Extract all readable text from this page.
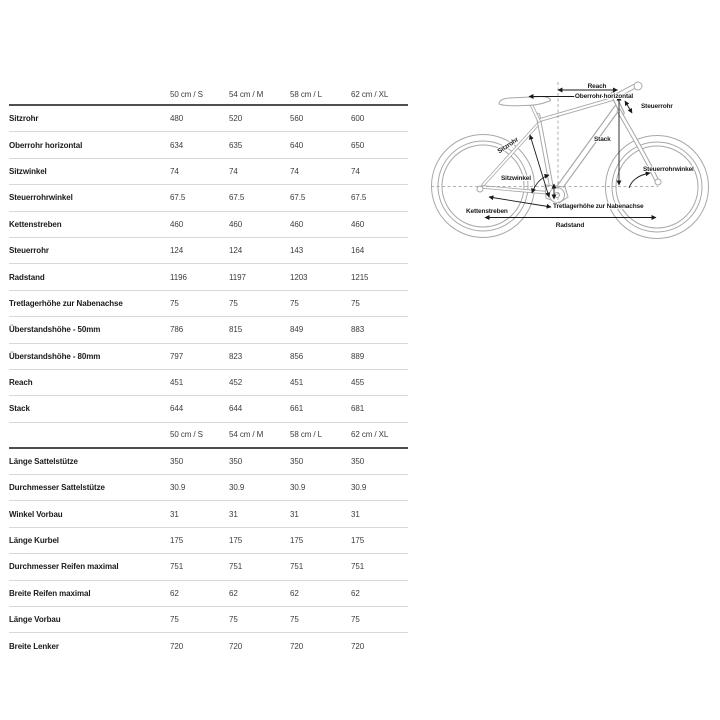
50 cm / S	54 cm / M	58 cm / L	62 cm / XL
Sitzrohr	480	520	560	600
Oberrohr horizontal	634	635	640	650
Sitzwinkel	74	74	74	74
Steuerrohrwinkel	67.5	67.5	67.5	67.5
Kettenstreben	460	460	460	460
Steuerrohr	124	124	143	164
Radstand	1196	1197	1203	1215
Tretlagerhöhe zur Nabenachse	75	75	75	75
Überstandshöhe - 50mm	786	815	849	883
Überstandshöhe - 80mm	797	823	856	889
Reach	451	452	451	455
Stack	644	644	661	681
50 cm / S	54 cm / M	58 cm / L	62 cm / XL
Länge Sattelstütze	350	350	350	350
Durchmesser Sattelstütze	30.9	30.9	30.9	30.9
Winkel Vorbau	31	31	31	31
Länge Kurbel	175	175	175	175
Durchmesser Reifen maximal	751	751	751	751
Breite Reifen maximal	62	62	62	62
Länge Vorbau	75	75	75	75
Breite Lenker	720	720	720	720
Reach
Oberrohr horizontal
Steuerrohr
Stack
Sitzrohr
Sitzwinkel
Steuerrohrwinkel
Kettenstreben
Tretlagerhöhe zur Nabenachse
Radstand
